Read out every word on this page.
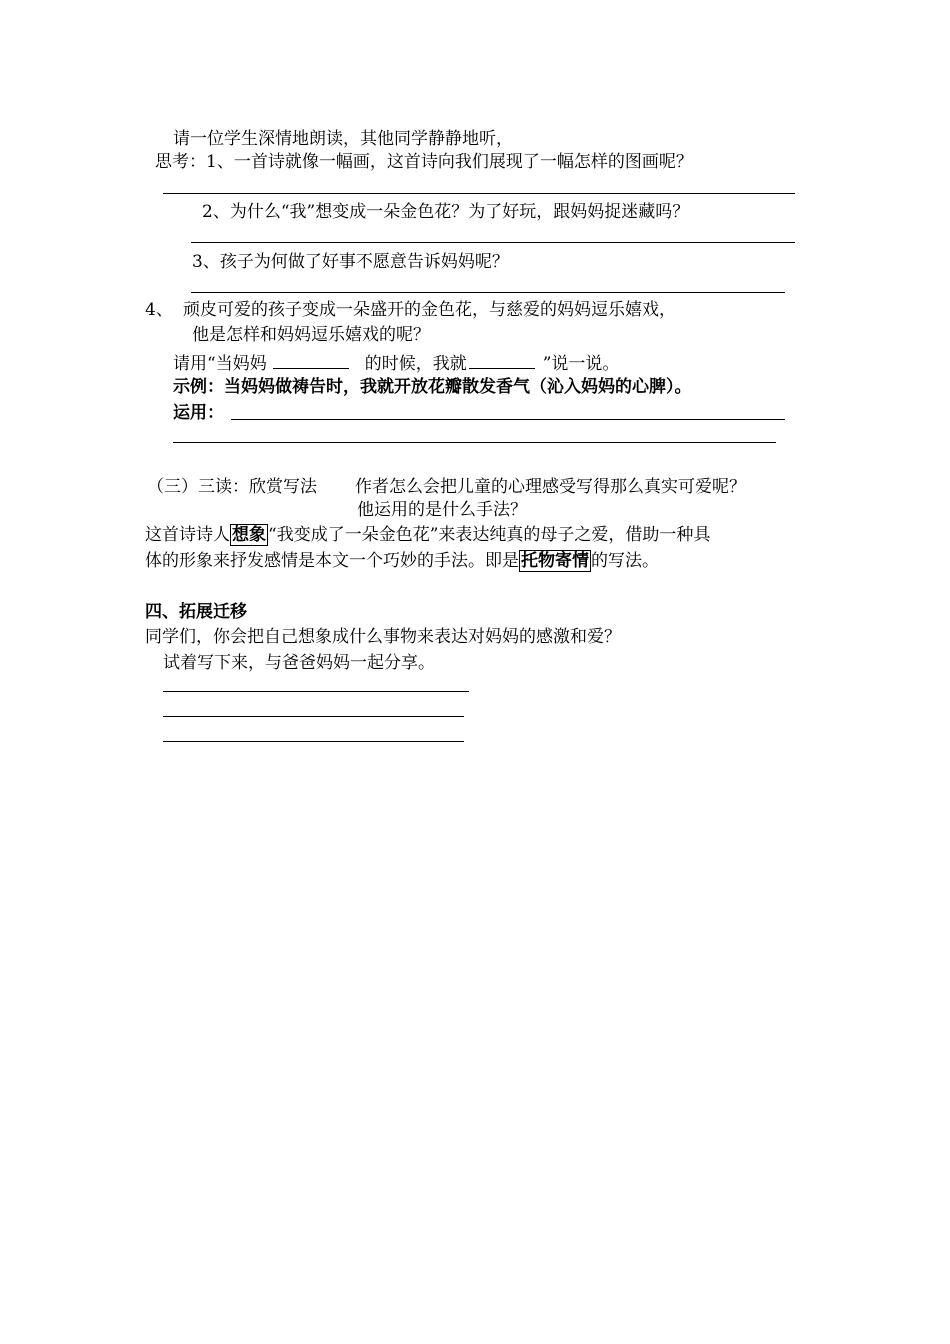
请一位学生深情地朗读，其他同学静静地听，
思考：1、一首诗就像一幅画，这首诗向我们展现了一幅怎样的图画呢？
2、为什么“我”想变成一朵金色花？为了好玩，跟妈妈捉迷藏吗？
3、孩子为何做了好事不愿意告诉妈妈呢？
4、 顽皮可爱的孩子变成一朵盛开的金色花，与慈爱的妈妈逗乐嬉戏，
他是怎样和妈妈逗乐嬉戏的呢？
请用“当妈妈	的时候，我就	”说一说。
示例：当妈妈做祷告时，我就开放花瓣散发香气（沁入妈妈的心脾）。
运用：
（三）三读：欣赏写法 作者怎么会把儿童的心理感受写得那么真实可爱呢？
他运用的是什么手法？
这首诗诗人 想象 “我变成了一朵金色花”来表达纯真的母子之爱，借助一种具
体的形象来抒发感情是本文一个巧妙的手法。即是 托物寄情 的写法。
四、拓展迁移
同学们，你会把自己想象成什么事物来表达对妈妈的感激和爱？
试着写下来，与爸爸妈妈一起分享。
